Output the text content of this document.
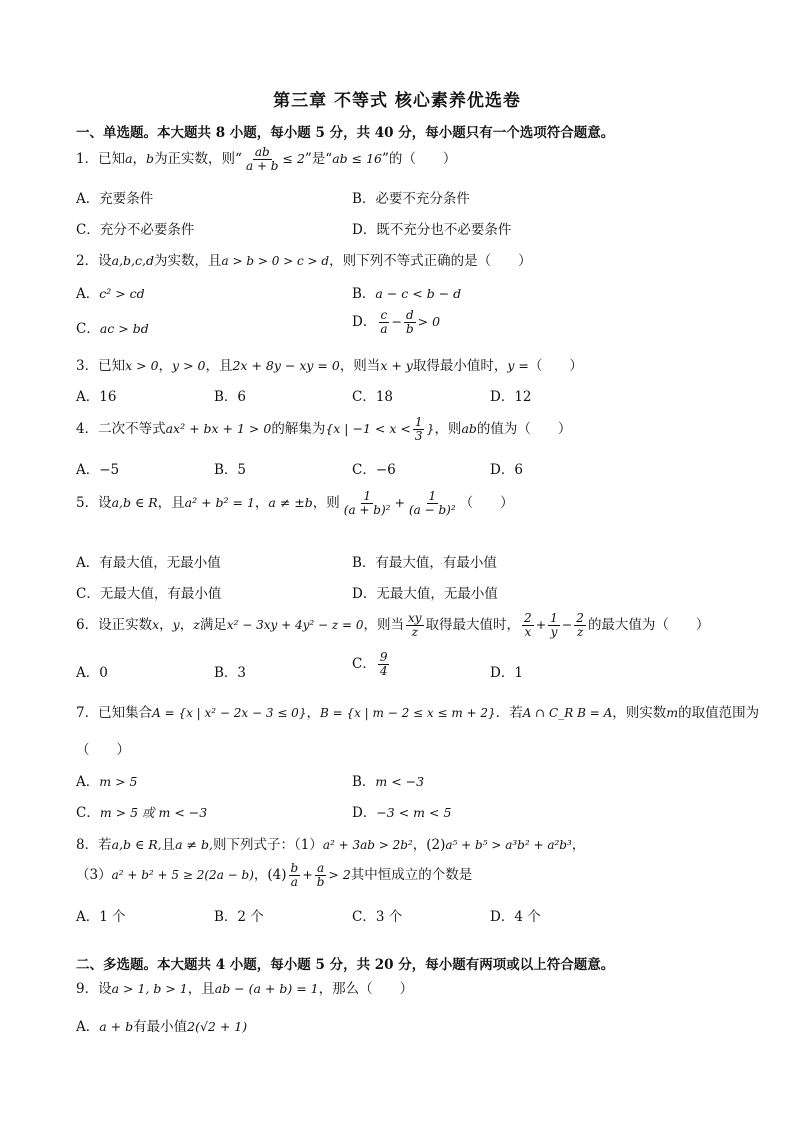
第三章 不等式 核心素养优选卷
一、单选题。本大题共 8 小题，每小题 5 分，共 40 分，每小题只有一个选项符合题意。
1．已知a，b为正实数，则“ $\frac{ab}{a + b} \le 2$”是“ab ≤ 16”的（　　）
A．充要条件	B．必要不充分条件
C．充分不必要条件	D．既不充分也不必要条件
2．设a,b,c,d为实数，且a > b > 0 > c > d，则下列不等式正确的是（　　）
A．c² > cd	B．a − c < b − d
C．ac > bd	D． $\frac{c}{a} - \frac{d}{b} > 0$
3．已知x > 0，y > 0，且2x + 8y − xy = 0，则当x + y取得最小值时，y =（　　）
A．16	B．6	C．18	D．12
4．二次不等式ax² + bx + 1 > 0的解集为{x | $-1 < x < \frac{1}{3}$ }，则ab的值为（　　）
A．−5	B．5	C．−6	D．6
5．设a,b ∈ R，且a² + b² = 1，a ≠ ±b，则 $\frac{1}{\text{(a + b)²}} + \frac{1}{\text{(a − b)²}}$ （　　）
A．有最大值，无最小值	B．有最大值，有最小值
C．无最大值，有最小值	D．无最大值，无最小值
6．设正实数x，y，z满足x² − 3xy + 4y² − z = 0，则当 $\frac{xy}{z}$ 取得最大值时， $\frac{2}{x} + \frac{1}{y} - \frac{2}{z}$ 的最大值为（　　）
A．0	B．3
C． $\frac{9}{4}$	D．1
7．已知集合A = {x | x² − 2x − 3 ≤ 0}，B = {x | m − 2 ≤ x ≤ m + 2}．若A ∩ C_R B = A，则实数m的取值范围为
（　　）
A．m > 5	B．m < −3
C．m > 5 或 m < −3	D．−3 < m < 5
8．若a,b ∈ R,且a ≠ b,则下列式子：（1）a² + 3ab > 2b²，(2)a⁵ + b⁵ > a³b² + a²b³，
（3）a² + b² + 5 ≥ 2(2a − b)，$(4) \frac{b}{a} + \frac{a}{b} > 2$其中恒成立的个数是
A．1 个	B．2 个	C．3 个	D．4 个
二、多选题。本大题共 4 小题，每小题 5 分，共 20 分，每小题有两项或以上符合题意。
9．设a > 1, b > 1，且ab − (a + b) = 1，那么（　　）
A．a + b有最小值2(√2 + 1)
